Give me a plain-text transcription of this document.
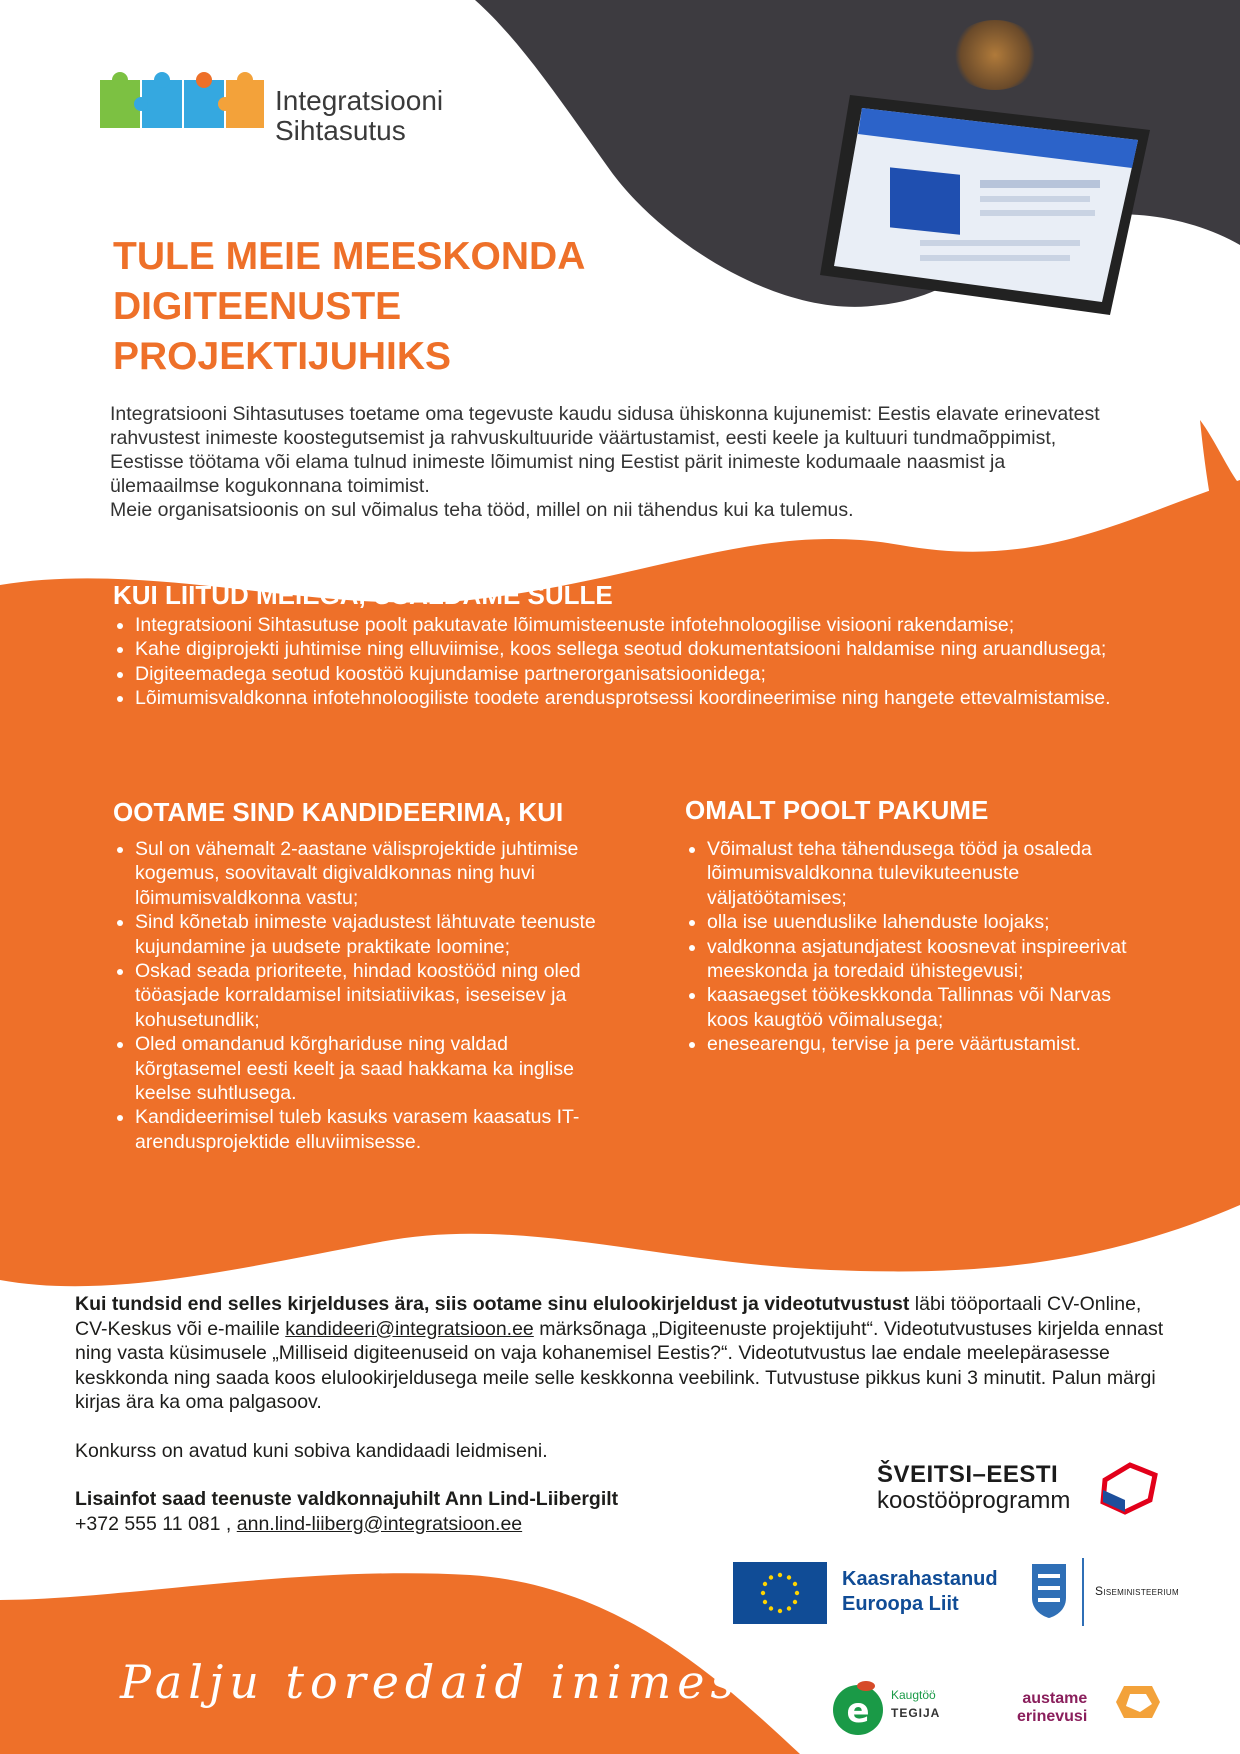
Integratsiooni
Sihtasutus
TULE MEIE MEESKONDA
DIGITEENUSTE
PROJEKTIJUHIKS

Integratsiooni Sihtasutuses toetame oma tegevuste kaudu sidusa ühiskonna kujunemist: Eestis elavate erinevatest rahvustest inimeste koostegutsemist ja rahvuskultuuride väärtustamist, eesti keele ja kultuuri tundmaõppimist, Eestisse töötama või elama tulnud inimeste lõimumist ning Eestist pärit inimeste kodumaale naasmist ja ülemaailmse kogukonnana toimimist.

Meie organisatsioonis on sul võimalus teha tööd, millel on nii tähendus kui ka tulemus.

KUI LIITUD MEIEGA, USALDAME SULLE
• Integratsiooni Sihtasutuse poolt pakutavate lõimumisteenuste infotehnoloogilise visiooni rakendamise;
• Kahe digiprojekti juhtimise ning elluviimise, koos sellega seotud dokumentatsiooni haldamise ning aruandlusega;
• Digiteemadega seotud koostöö kujundamise partnerorganisatsioonidega;
• Lõimumisvaldkonna infotehnoloogiliste toodete arendusprotsessi koordineerimise ning hangete ettevalmistamise.
OOTAME SIND KANDIDEERIMA, KUI
• Sul on vähemalt 2-aastane välisprojektide juhtimise kogemus, soovitavalt digivaldkonnas ning huvi lõimumisvaldkonna vastu;
• Sind kõnetab inimeste vajadustest lähtuvate teenuste kujundamine ja uudsete praktikate loomine;
• Oskad seada prioriteete, hindad koostööd ning oled tööasjade korraldamisel initsiatiivikas, iseseisev ja kohusetundlik;
• Oled omandanud kõrghariduse ning valdad kõrgtasemel eesti keelt ja saad hakkama ka inglise keelse suhtlusega.
• Kandideerimisel tuleb kasuks varasem kaasatus IT-arendusprojektide elluviimisesse.
OMALT POOLT PAKUME
• Võimalust teha tähendusega tööd ja osaleda lõimumisvaldkonna tulevikuteenuste väljatöötamises;
• olla ise uuenduslike lahenduste loojaks;
• valdkonna asjatundjatest koosnevat inspireerivat meeskonda ja toredaid ühistegevusi;
• kaasaegset töökeskkonda Tallinnas või Narvas koos kaugtöö võimalusega;
• enesearengu, tervise ja pere väärtustamist.

Kui tundsid end selles kirjelduses ära, siis ootame sinu elulookirjeldust ja videotutvustust läbi tööportaali CV-Online, CV-Keskus või e-mailile kandideeri@integratsioon.ee märksõnaga „Digiteenuste projektijuht“. Videotutvustuses kirjelda ennast ning vasta küsimusele „Milliseid digiteenuseid on vaja kohanemisel Eestis?“. Videotutvustus lae endale meelepärasesse keskkonda ning saada koos elulookirjeldusega meile selle keskkonna veebilink. Tutvustuse pikkus kuni 3 minutit. Palun märgi kirjas ära ka oma palgasoov.

Konkurss on avatud kuni sobiva kandidaadi leidmiseni.

Lisainfot saad teenuste valdkonnajuhilt Ann Lind-Liibergilt

+372 555 11 081 , ann.lind-liiberg@integratsioon.ee

ŠVEITSI–EESTI
koostööprogramm
Kaasrahastanud
Euroopa Liit
Siseministeerium
e Kaugtöö
TEGIJA
austame
erinevusi
Palju toredaid inimesi!
